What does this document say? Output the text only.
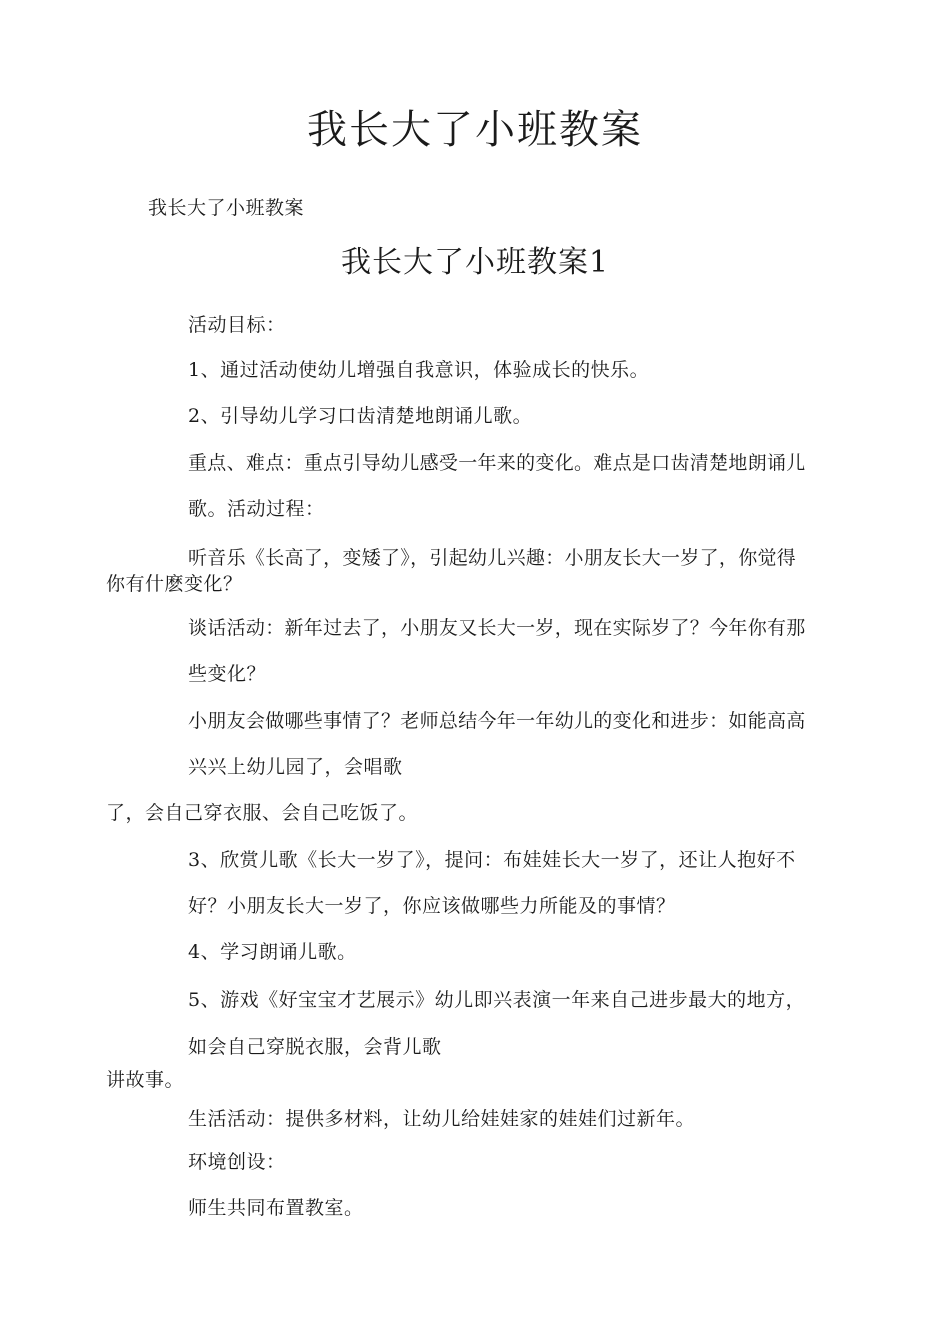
我长大了小班教案
我长大了小班教案
我长大了小班教案1
活动目标：
1、通过活动使幼儿增强自我意识，体验成长的快乐。
2、引导幼儿学习口齿清楚地朗诵儿歌。
重点、难点：重点引导幼儿感受一年来的变化。难点是口齿清楚地朗诵儿
歌。活动过程：
听音乐《长高了，变矮了》，引起幼儿兴趣：小朋友长大一岁了，你觉得
你有什麽变化？
谈话活动：新年过去了，小朋友又长大一岁，现在实际岁了？今年你有那
些变化？
小朋友会做哪些事情了？老师总结今年一年幼儿的变化和进步：如能高高
兴兴上幼儿园了，会唱歌
了，会自己穿衣服、会自己吃饭了。
3、欣赏儿歌《长大一岁了》，提问：布娃娃长大一岁了，还让人抱好不
好？小朋友长大一岁了，你应该做哪些力所能及的事情？
4、学习朗诵儿歌。
5、游戏《好宝宝才艺展示》幼儿即兴表演一年来自己进步最大的地方，
如会自己穿脱衣服，会背儿歌
讲故事。
生活活动：提供多材料，让幼儿给娃娃家的娃娃们过新年。
环境创设：
师生共同布置教室。
